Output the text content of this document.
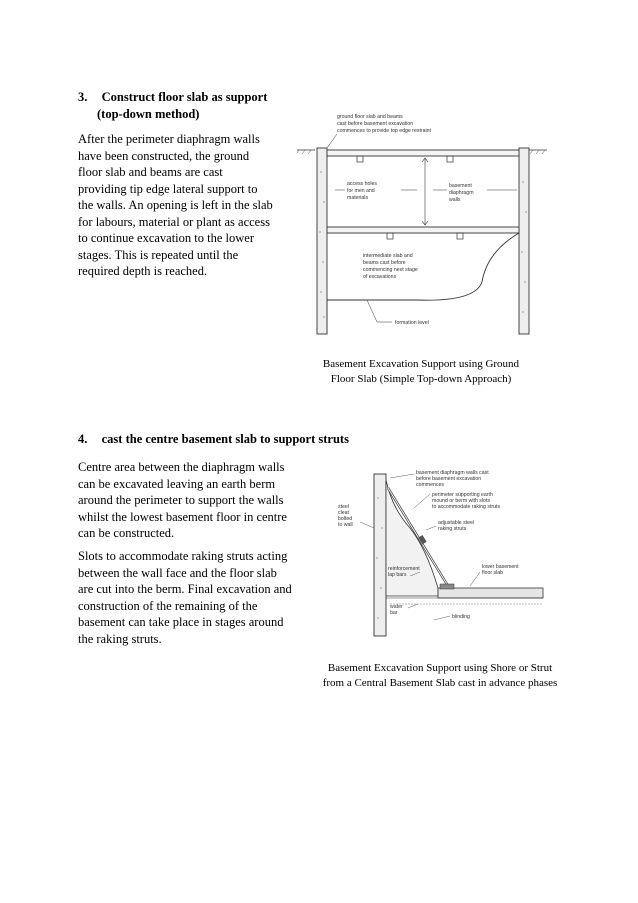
3. Construct floor slab as support
(top-down method)
After the perimeter diaphragm walls
have been constructed, the ground
floor slab and beams are cast
providing tip edge lateral support to
the walls. An opening is left in the slab
for labours, material or plant as access
to continue excavation to the lower
stages. This is repeated until the
required depth is reached.
ground floor slab and beams
cast before basement excavation
commences to provide top edge restraint
access holes
for men and
materials
basement
diaphragm
walls
intermediate slab and
beams cast before
commencing next stage
of excavations
formation level
Basement Excavation Support using Ground
Floor Slab (Simple Top-down Approach)
4. cast the centre basement slab to support struts
Centre area between the diaphragm walls
can be excavated leaving an earth berm
around the perimeter to support the walls
whilst the lowest basement floor in centre
can be constructed.
Slots to accommodate raking struts acting
between the wall face and the floor slab
are cut into the berm. Final excavation and
construction of the remaining of the
basement can take place in stages around
the raking struts.
basement diaphragm walls cast
before basement excavation
commences
perimeter supporting earth
mound or berm with slots
to accommodate raking struts
steel
cleat
bolted
to wall	adjustable steel
raking struts
reinforcement
lap bars
lower basement
floor slab
water
bar
blinding
Basement Excavation Support using Shore or Strut
from a Central Basement Slab cast in advance phases
